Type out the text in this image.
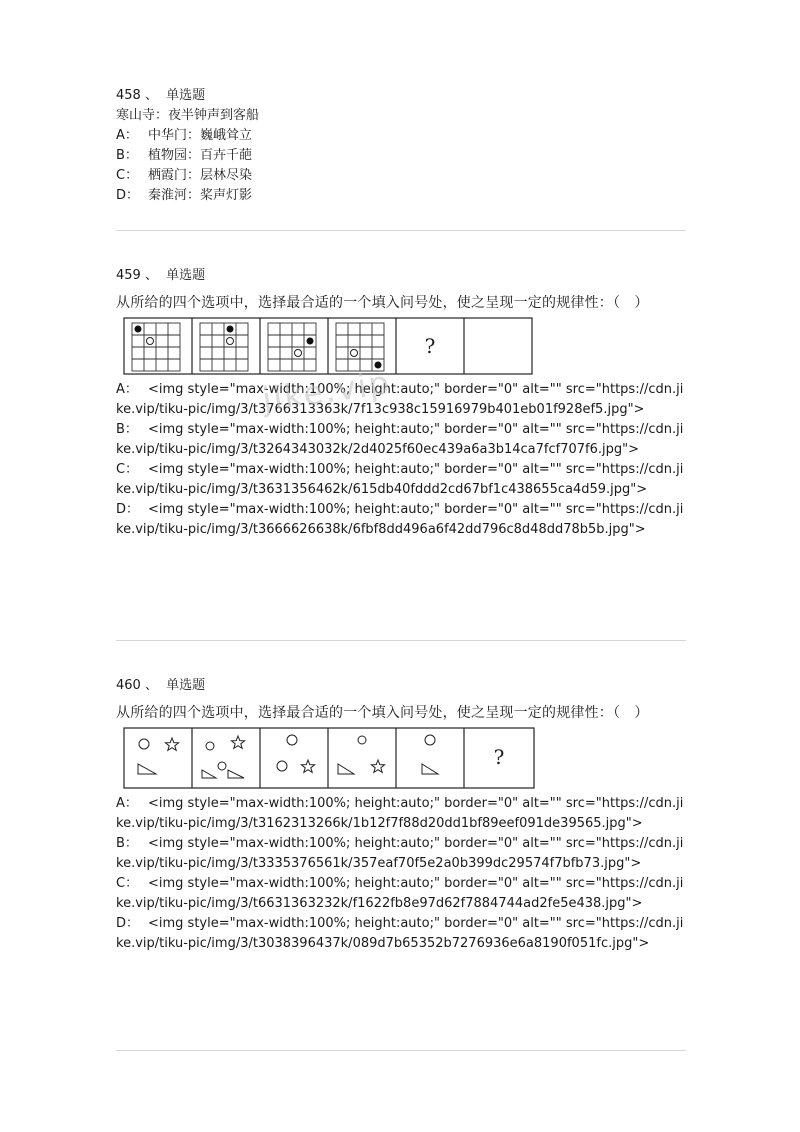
458 、 单选题
寒山寺：夜半钟声到客船
A： 中华门：巍峨耸立
B： 植物园：百卉千葩
C： 栖霞门：层林尽染
D： 秦淮河：桨声灯影
459 、 单选题
从所给的四个选项中，选择最合适的一个填入问号处，使之呈现一定的规律性：（　）
?
A： <img style="max-width:100%; height:auto;" border="0" alt="" src="https://cdn.jike.vip/tiku-pic/img/3/t3766313363k/7f13c938c15916979b401eb01f928ef5.jpg">
B： <img style="max-width:100%; height:auto;" border="0" alt="" src="https://cdn.jike.vip/tiku-pic/img/3/t3264343032k/2d4025f60ec439a6a3b14ca7fcf707f6.jpg">
C： <img style="max-width:100%; height:auto;" border="0" alt="" src="https://cdn.jike.vip/tiku-pic/img/3/t3631356462k/615db40fddd2cd67bf1c438655ca4d59.jpg">
D： <img style="max-width:100%; height:auto;" border="0" alt="" src="https://cdn.jike.vip/tiku-pic/img/3/t3666626638k/6fbf8dd496a6f42dd796c8d48dd78b5b.jpg">
460 、 单选题
从所给的四个选项中，选择最合适的一个填入问号处，使之呈现一定的规律性：（　）
?
A： <img style="max-width:100%; height:auto;" border="0" alt="" src="https://cdn.jike.vip/tiku-pic/img/3/t3162313266k/1b12f7f88d20dd1bf89eef091de39565.jpg">
B： <img style="max-width:100%; height:auto;" border="0" alt="" src="https://cdn.jike.vip/tiku-pic/img/3/t3335376561k/357eaf70f5e2a0b399dc29574f7bfb73.jpg">
C： <img style="max-width:100%; height:auto;" border="0" alt="" src="https://cdn.jike.vip/tiku-pic/img/3/t6631363232k/f1622fb8e97d62f7884744ad2fe5e438.jpg">
D： <img style="max-width:100%; height:auto;" border="0" alt="" src="https://cdn.jike.vip/tiku-pic/img/3/t3038396437k/089d7b65352b7276936e6a8190f051fc.jpg">
jike.vip
